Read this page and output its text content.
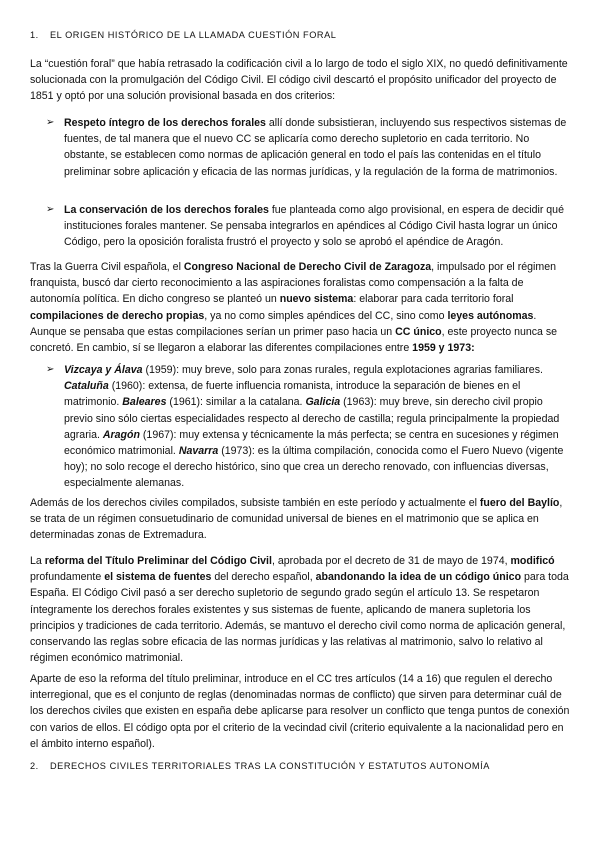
1. EL ORIGEN HISTÓRICO DE LA LLAMADA CUESTIÓN FORAL

La “cuestión foral” que había retrasado la codificación civil a lo largo de todo el siglo XIX, no quedó definitivamente solucionada con la promulgación del Código Civil. El código civil descartó el propósito unificador del proyecto de 1851 y optó por una solución provisional basada en dos criterios:

➢ Respeto íntegro de los derechos forales allí donde subsistieran, incluyendo sus respectivos sistemas de fuentes, de tal manera que el nuevo CC se aplicaría como derecho supletorio en cada territorio. No obstante, se establecen como normas de aplicación general en todo el país las contenidas en el título preliminar sobre aplicación y eficacia de las normas jurídicas, y la regulación de la forma de matrimonios.
➢ La conservación de los derechos forales fue planteada como algo provisional, en espera de decidir qué instituciones forales mantener. Se pensaba integrarlos en apéndices al Código Civil hasta lograr un único Código, pero la oposición foralista frustró el proyecto y solo se aprobó el apéndice de Aragón.

Tras la Guerra Civil española, el Congreso Nacional de Derecho Civil de Zaragoza, impulsado por el régimen franquista, buscó dar cierto reconocimiento a las aspiraciones foralistas como compensación a la falta de autonomía política. En dicho congreso se planteó un nuevo sistema: elaborar para cada territorio foral compilaciones de derecho propias, ya no como simples apéndices del CC, sino como leyes autónomas. Aunque se pensaba que estas compilaciones serían un primer paso hacia un CC único, este proyecto nunca se concretó. En cambio, sí se llegaron a elaborar las diferentes compilaciones entre 1959 y 1973:

➢ Vizcaya y Álava (1959): muy breve, solo para zonas rurales, regula explotaciones agrarias familiares. Cataluña (1960): extensa, de fuerte influencia romanista, introduce la separación de bienes en el matrimonio. Baleares (1961): similar a la catalana. Galicia (1963): muy breve, sin derecho civil propio previo sino sólo ciertas especialidades respecto al derecho de castilla; regula principalmente la propiedad agraria. Aragón (1967): muy extensa y técnicamente la más perfecta; se centra en sucesiones y régimen económico matrimonial. Navarra (1973): es la última compilación, conocida como el Fuero Nuevo (vigente hoy); no solo recoge el derecho histórico, sino que crea un derecho renovado, con influencias diversas, especialmente alemanas.

Además de los derechos civiles compilados, subsiste también en este período y actualmente el fuero del Baylío, se trata de un régimen consuetudinario de comunidad universal de bienes en el matrimonio que se aplica en determinadas zonas de Extremadura.

La reforma del Título Preliminar del Código Civil, aprobada por el decreto de 31 de mayo de 1974, modificó profundamente el sistema de fuentes del derecho español, abandonando la idea de un código único para toda España. El Código Civil pasó a ser derecho supletorio de segundo grado según el artículo 13. Se respetaron íntegramente los derechos forales existentes y sus sistemas de fuente, aplicando de manera supletoria los principios y tradiciones de cada territorio. Además, se mantuvo el derecho civil como norma de aplicación general, conservando las reglas sobre eficacia de las normas jurídicas y las relativas al matrimonio, salvo lo relativo al régimen económico matrimonial.

Aparte de eso la reforma del título preliminar, introduce en el CC tres artículos (14 a 16) que regulen el derecho interregional, que es el conjunto de reglas (denominadas normas de conflicto) que sirven para determinar cuál de los derechos civiles que existen en españa debe aplicarse para resolver un conflicto que tenga puntos de conexión con varios de ellos. El código opta por el criterio de la vecindad civil (criterio equivalente a la nacionalidad pero en el ámbito interno español).

2. DERECHOS CIVILES TERRITORIALES TRAS LA CONSTITUCIÓN Y ESTATUTOS AUTONOMÍA
